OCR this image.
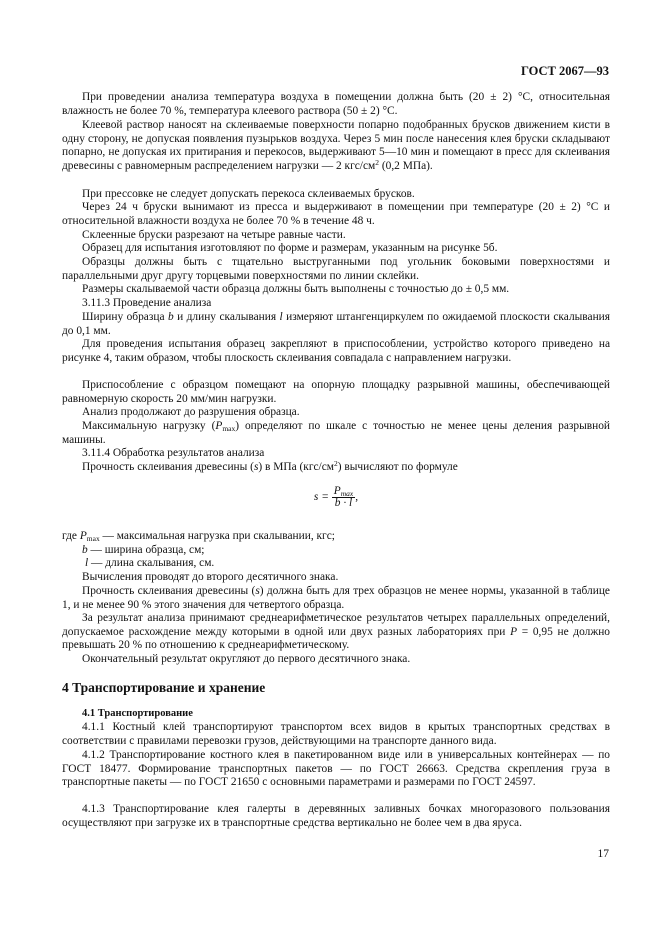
ГОСТ 2067—93
При проведении анализа температура воздуха в помещении должна быть (20 ± 2) °С, относительная влажность не более 70 %, температура клеевого раствора (50 ± 2) °С.
Клеевой раствор наносят на склеиваемые поверхности попарно подобранных брусков движением кисти в одну сторону, не допуская появления пузырьков воздуха. Через 5 мин после нанесения клея бруски складывают попарно, не допуская их притирания и перекосов, выдерживают 5—10 мин и помещают в пресс для склеивания древесины с равномерным распределением нагрузки — 2 кгс/$см^2$ (0,2 МПа).
При прессовке не следует допускать перекоса склеиваемых брусков.
Через 24 ч бруски вынимают из пресса и выдерживают в помещении при температуре (20 ± 2) °С и относительной влажности воздуха не более 70 % в течение 48 ч.
Склеенные бруски разрезают на четыре равные части.
Образец для испытания изготовляют по форме и размерам, указанным на рисунке 5б.
Образцы должны быть с тщательно выструганными под угольник боковыми поверхностями и параллельными друг другу торцевыми поверхностями по линии склейки.
Размеры скалываемой части образца должны быть выполнены с точностью до ± 0,5 мм.
3.11.3 Проведение анализа
Ширину образца b и длину скалывания l измеряют штангенциркулем по ожидаемой плоскости скалывания до 0,1 мм.
Для проведения испытания образец закрепляют в приспособлении, устройство которого приведено на рисунке 4, таким образом, чтобы плоскость склеивания совпадала с направлением нагрузки.
Приспособление с образцом помещают на опорную площадку разрывной машины, обеспечивающей равномерную скорость 20 мм/мин нагрузки.
Анализ продолжают до разрушения образца.
Максимальную нагрузку $(P_{max})$ определяют по шкале с точностью не менее цены деления разрывной машины.
3.11.4 Обработка результатов анализа
Прочность склеивания древесины (s) в МПа $(кгс/см^2)$ вычисляют по формуле
$s = \frac{P_{max}}{b \cdot l}$ ,
где $P_{max}$ — максимальная нагрузка при скалывании, кгс;
b — ширина образца, см;
l — длина скалывания, см.
Вычисления проводят до второго десятичного знака.
Прочность склеивания древесины (s) должна быть для трех образцов не менее нормы, указанной в таблице 1, и не менее 90 % этого значения для четвертого образца.
За результат анализа принимают среднеарифметическое результатов четырех параллельных определений, допускаемое расхождение между которыми в одной или двух разных лабораториях при P = 0,95 не должно превышать 20 % по отношению к среднеарифметическому.
Окончательный результат округляют до первого десятичного знака.
4 Транспортирование и хранение
4.1 Транспортирование
4.1.1 Костный клей транспортируют транспортом всех видов в крытых транспортных средствах в соответствии с правилами перевозки грузов, действующими на транспорте данного вида.
4.1.2 Транспортирование костного клея в пакетированном виде или в универсальных контейнерах — по ГОСТ 18477. Формирование транспортных пакетов — по ГОСТ 26663. Средства скрепления груза в транспортные пакеты — по ГОСТ 21650 с основными параметрами и размерами по ГОСТ 24597.
4.1.3 Транспортирование клея галерты в деревянных заливных бочках многоразового пользования осуществляют при загрузке их в транспортные средства вертикально не более чем в два яруса.
17
